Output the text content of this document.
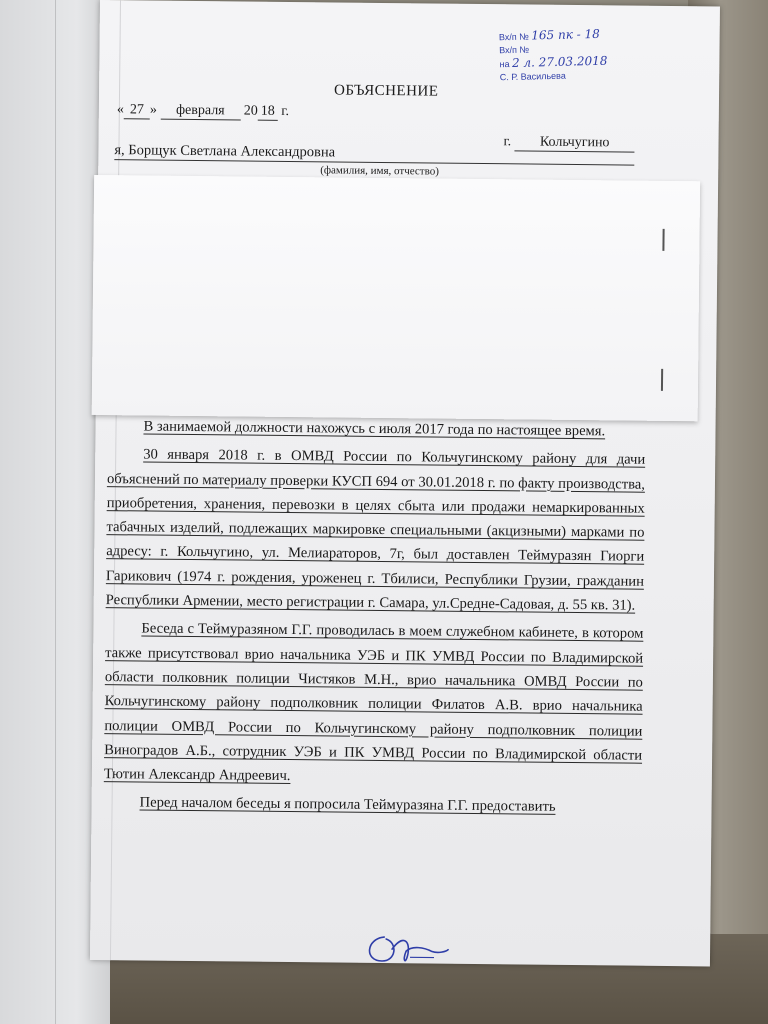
Вх/п № 165 пк - 18
Вх/п №
на 2 л. 27.03.2018
С. Р. Васильева
ОБЪЯСНЕНИЕ
« 27 » февраля 20 18 г.
г. Кольчугино
я, Борщук Светлана Александровна
(фамилия, имя, отчество)

В занимаемой должности нахожусь с июля 2017 года по настоящее время.

30 января 2018 г. в ОМВД России по Кольчугинскому району для дачи объяснений по материалу проверки КУСП 694 от 30.01.2018 г. по факту производства, приобретения, хранения, перевозки в целях сбыта или продажи немаркированных табачных изделий, подлежащих маркировке специальными (акцизными) марками по адресу: г. Кольчугино, ул. Мелиараторов, 7г, был доставлен Теймуразян Гиорги Гарикович (1974 г. рождения, уроженец г. Тбилиси, Республики Грузии, гражданин Республики Армении, место регистрации г. Самара, ул.Средне-Садовая, д. 55 кв. 31).

Беседа с Теймуразяном Г.Г. проводилась в моем служебном кабинете, в котором также присутствовал врио начальника УЭБ и ПК УМВД России по Владимирской области полковник полиции Чистяков М.Н., врио начальника ОМВД России по Кольчугинскому району подполковник полиции Филатов А.В. врио начальника полиции ОМВД России по Кольчугинскому району подполковник полиции Виноградов А.Б., сотрудник УЭБ и ПК УМВД России по Владимирской области Тютин Александр Андреевич.

Перед началом беседы я попросила Теймуразяна Г.Г. предоставить
